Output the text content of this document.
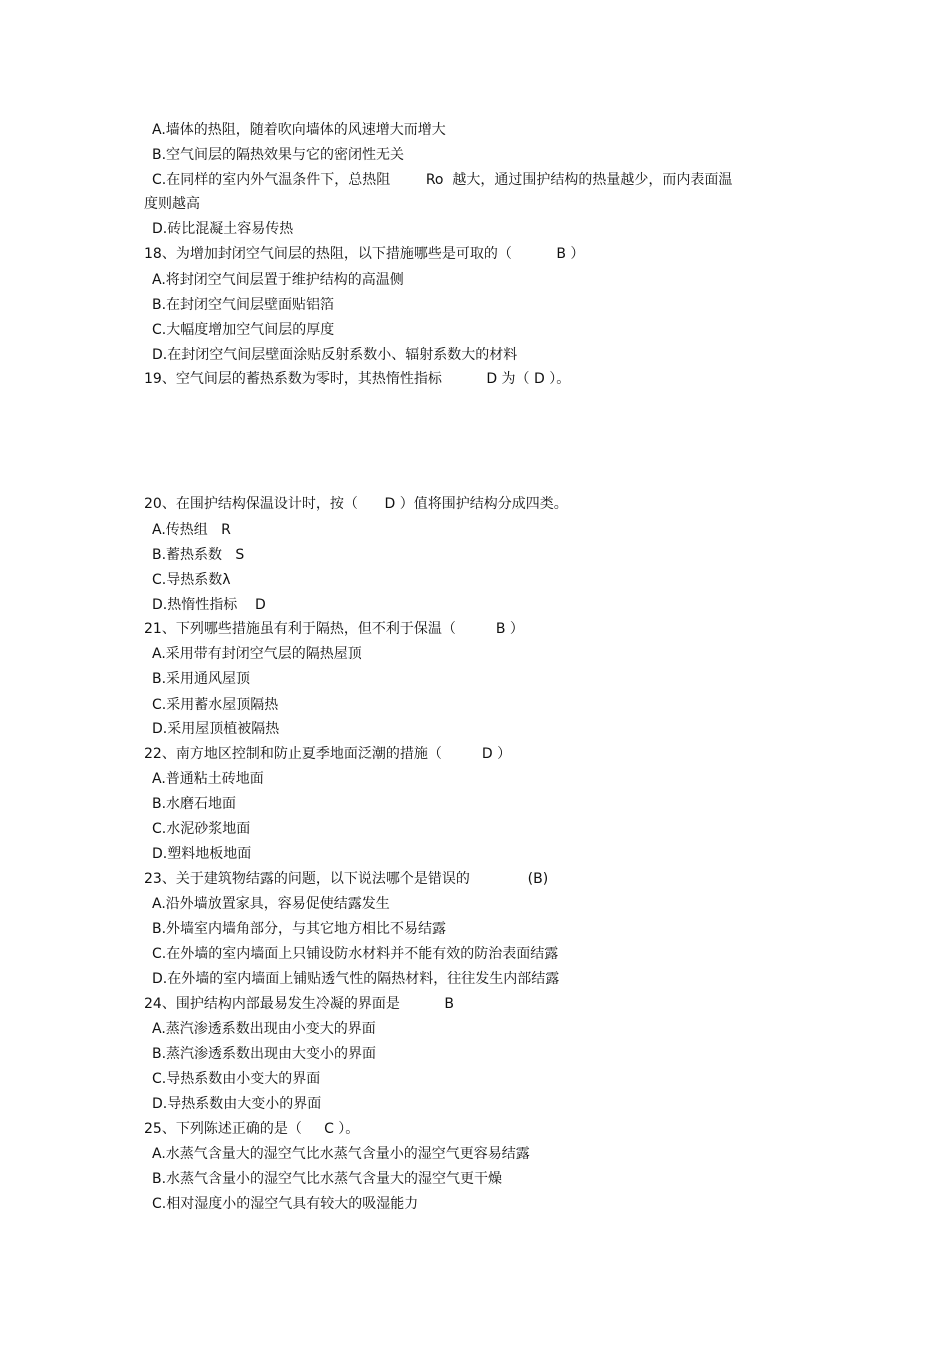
A.墙体的热阻，随着吹向墙体的风速增大而增大
B.空气间层的隔热效果与它的密闭性无关
C.在同样的室内外气温条件下，总热阻        Ro  越大，通过围护结构的热量越少，而内表面温
度则越高
D.砖比混凝土容易传热
18、为增加封闭空气间层的热阻，以下措施哪些是可取的（          B ）
A.将封闭空气间层置于维护结构的高温侧
B.在封闭空气间层壁面贴铝箔
C.大幅度增加空气间层的厚度
D.在封闭空气间层壁面涂贴反射系数小、辐射系数大的材料
19、空气间层的蓄热系数为零时，其热惰性指标          D 为（ D ）。
20、在围护结构保温设计时，按（      D ）值将围护结构分成四类。
A.传热组   R
B.蓄热系数   S
C.导热系数λ
D.热惰性指标    D
21、下列哪些措施虽有利于隔热，但不利于保温（         B ）
A.采用带有封闭空气层的隔热屋顶
B.采用通风屋顶
C.采用蓄水屋顶隔热
D.采用屋顶植被隔热
22、南方地区控制和防止夏季地面泛潮的措施（         D ）
A.普通粘土砖地面
B.水磨石地面
C.水泥砂浆地面
D.塑料地板地面
23、关于建筑物结露的问题，以下说法哪个是错误的             (B)
A.沿外墙放置家具，容易促使结露发生
B.外墙室内墙角部分，与其它地方相比不易结露
C.在外墙的室内墙面上只铺设防水材料并不能有效的防治表面结露
D.在外墙的室内墙面上铺贴透气性的隔热材料，往往发生内部结露
24、围护结构内部最易发生冷凝的界面是          B
A.蒸汽渗透系数出现由小变大的界面
B.蒸汽渗透系数出现由大变小的界面
C.导热系数由小变大的界面
D.导热系数由大变小的界面
25、下列陈述正确的是（     C ）。
A.水蒸气含量大的湿空气比水蒸气含量小的湿空气更容易结露
B.水蒸气含量小的湿空气比水蒸气含量大的湿空气更干燥
C.相对湿度小的湿空气具有较大的吸湿能力
